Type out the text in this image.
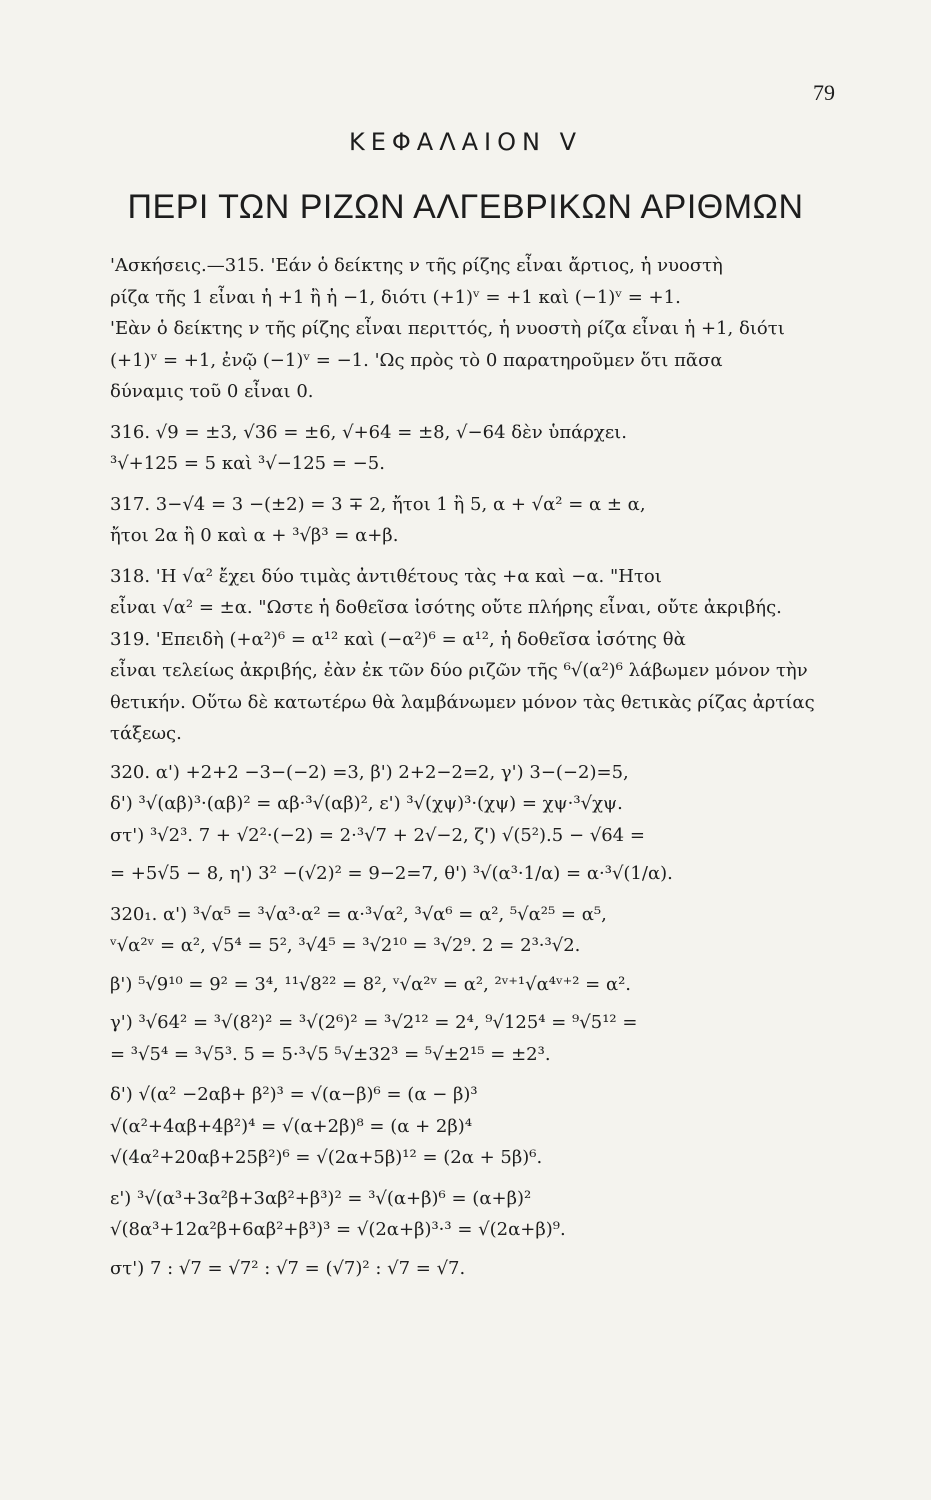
79
ΚΕΦΑΛΑΙΟΝ V
ΠΕΡΙ ΤΩΝ ΡΙΖΩΝ ΑΛΓΕΒΡΙΚΩΝ ΑΡΙΘΜΩΝ

'Ασκήσεις.—315. 'Εάν ὁ δείκτης ν τῆς ρίζης εἶναι ἄρτιος, ἡ νυοστὴ

ρίζα τῆς 1 εἶναι ἡ +1 ἢ ἡ −1, διότι (+1)ᵛ = +1 καὶ (−1)ᵛ = +1.

'Εὰν ὁ δείκτης ν τῆς ρίζης εἶναι περιττός, ἡ νυοστὴ ρίζα εἶναι ἡ +1, διότι

(+1)ᵛ = +1, ἐνῷ (−1)ᵛ = −1. 'Ως πρὸς τὸ 0 παρατηροῦμεν ὅτι πᾶσα

δύναμις τοῦ 0 εἶναι 0.

316. √9 = ±3, √36 = ±6, √+64 = ±8, √−64 δὲν ὑπάρχει.

³√+125 = 5 καὶ ³√−125 = −5.

317. 3−√4 = 3 −(±2) = 3 ∓ 2, ἤτοι 1 ἢ 5, α + √α² = α ± α,

ἤτοι 2α ἢ 0 καὶ α + ³√β³ = α+β.

318. 'Η √α² ἔχει δύο τιμὰς ἀντιθέτους τὰς +α καὶ −α. "Ητοι

εἶναι √α² = ±α. "Ωστε ἡ δοθεῖσα ἰσότης οὔτε πλήρης εἶναι, οὔτε ἀκριβής.

319. 'Επειδὴ (+α²)⁶ = α¹² καὶ (−α²)⁶ = α¹², ἡ δοθεῖσα ἰσότης θὰ

εἶναι τελείως ἀκριβής, ἐὰν ἐκ τῶν δύο ριζῶν τῆς ⁶√(α²)⁶ λάβωμεν μόνον τὴν

θετικήν. Οὕτω δὲ κατωτέρω θὰ λαμβάνωμεν μόνον τὰς θετικὰς ρίζας ἀρτίας

τάξεως.

320. α') +2+2 −3−(−2) =3, β') 2+2−2=2, γ') 3−(−2)=5,

δ') ³√(αβ)³·(αβ)² = αβ·³√(αβ)², ε') ³√(χψ)³·(χψ) = χψ·³√χψ.

στ') ³√2³. 7 + √2²·(−2) = 2·³√7 + 2√−2, ζ') √(5²).5 − √64 =

= +5√5 − 8, η') 3² −(√2)² = 9−2=7, θ') ³√(α³·1/α) = α·³√(1/α).

320₁. α') ³√α⁵ = ³√α³·α² = α·³√α², ³√α⁶ = α², ⁵√α²⁵ = α⁵,

ᵛ√α²ᵛ = α², √5⁴ = 5², ³√4⁵ = ³√2¹⁰ = ³√2⁹. 2 = 2³·³√2.

β') ⁵√9¹⁰ = 9² = 3⁴, ¹¹√8²² = 8², ᵛ√α²ᵛ = α², ²ᵛ⁺¹√α⁴ᵛ⁺² = α².

γ') ³√64² = ³√(8²)² = ³√(2⁶)² = ³√2¹² = 2⁴, ⁹√125⁴ = ⁹√5¹² =

= ³√5⁴ = ³√5³. 5 = 5·³√5 ⁵√±32³ = ⁵√±2¹⁵ = ±2³.

δ') √(α² −2αβ+ β²)³ = √(α−β)⁶ = (α − β)³

√(α²+4αβ+4β²)⁴ = √(α+2β)⁸ = (α + 2β)⁴

√(4α²+20αβ+25β²)⁶ = √(2α+5β)¹² = (2α + 5β)⁶.

ε') ³√(α³+3α²β+3αβ²+β³)² = ³√(α+β)⁶ = (α+β)²

√(8α³+12α²β+6αβ²+β³)³ = √(2α+β)³·³ = √(2α+β)⁹.

στ') 7 : √7 = √7² : √7 = (√7)² : √7 = √7.
